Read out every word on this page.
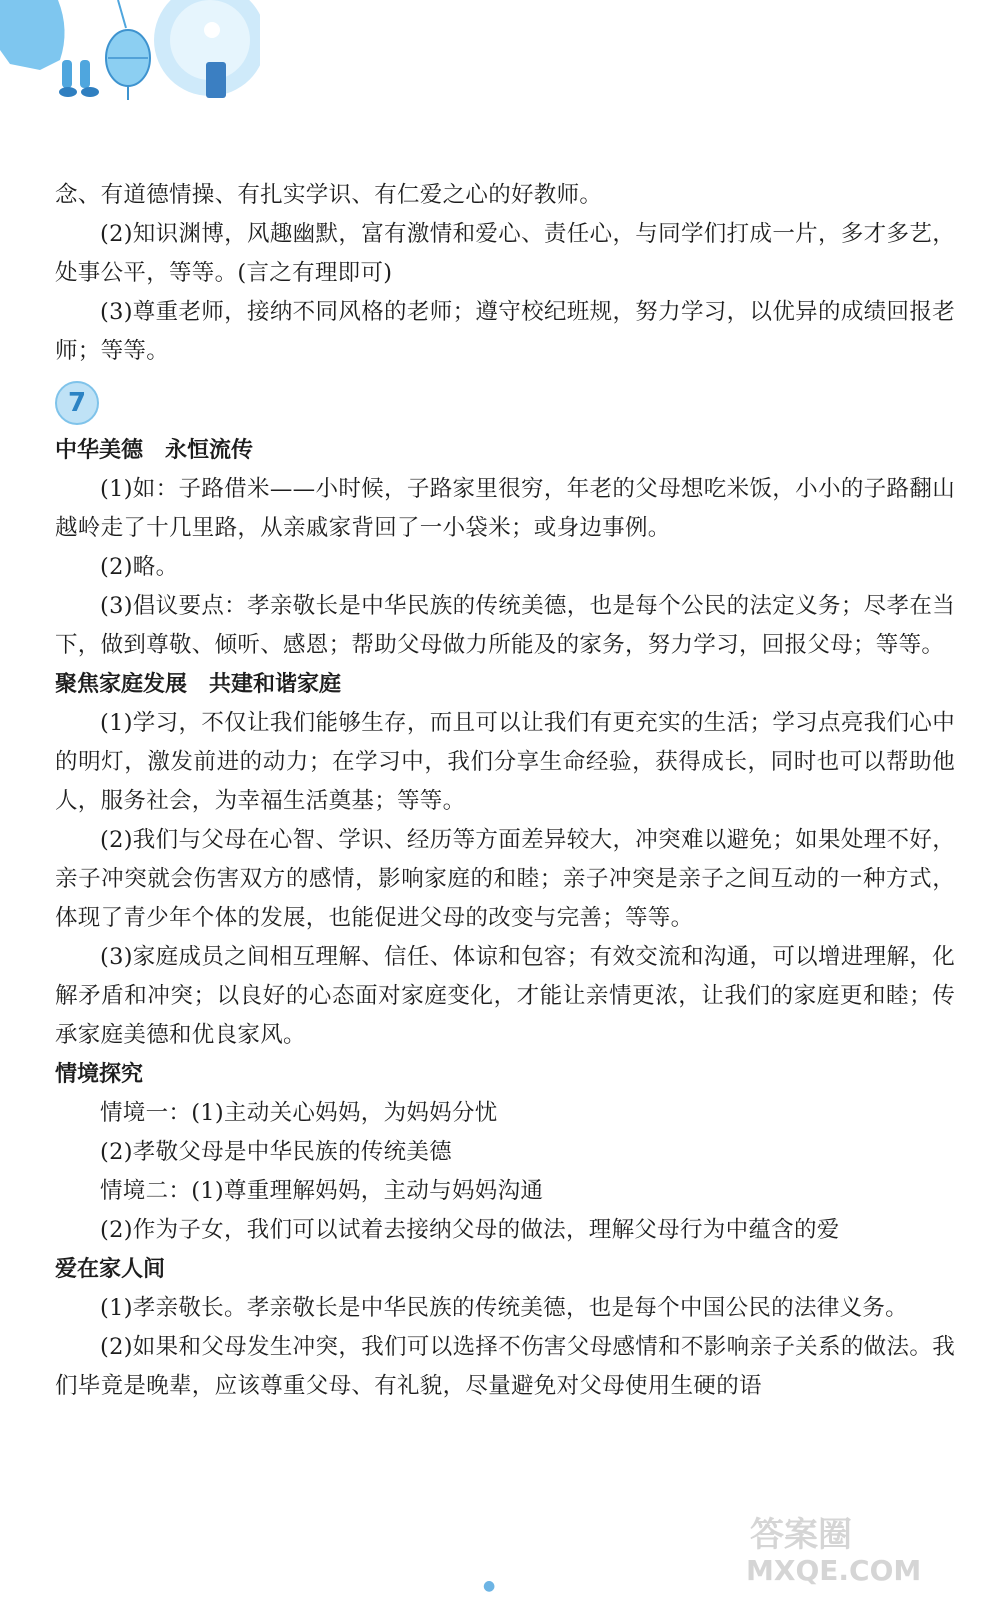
念、有道德情操、有扎实学识、有仁爱之心的好教师。

(2)知识渊博，风趣幽默，富有激情和爱心、责任心，与同学们打成一片，多才多艺，处事公平，等等。(言之有理即可)

(3)尊重老师，接纳不同风格的老师；遵守校纪班规，努力学习，以优异的成绩回报老师；等等。

7
中华美德　永恒流传

(1)如：子路借米——小时候，子路家里很穷，年老的父母想吃米饭，小小的子路翻山越岭走了十几里路，从亲戚家背回了一小袋米；或身边事例。

(2)略。

(3)倡议要点：孝亲敬长是中华民族的传统美德，也是每个公民的法定义务；尽孝在当下，做到尊敬、倾听、感恩；帮助父母做力所能及的家务，努力学习，回报父母；等等。

聚焦家庭发展　共建和谐家庭

(1)学习，不仅让我们能够生存，而且可以让我们有更充实的生活；学习点亮我们心中的明灯，激发前进的动力；在学习中，我们分享生命经验，获得成长，同时也可以帮助他人，服务社会，为幸福生活奠基；等等。

(2)我们与父母在心智、学识、经历等方面差异较大，冲突难以避免；如果处理不好，亲子冲突就会伤害双方的感情，影响家庭的和睦；亲子冲突是亲子之间互动的一种方式，体现了青少年个体的发展，也能促进父母的改变与完善；等等。

(3)家庭成员之间相互理解、信任、体谅和包容；有效交流和沟通，可以增进理解，化解矛盾和冲突；以良好的心态面对家庭变化，才能让亲情更浓，让我们的家庭更和睦；传承家庭美德和优良家风。

情境探究

情境一：(1)主动关心妈妈，为妈妈分忧

(2)孝敬父母是中华民族的传统美德

情境二：(1)尊重理解妈妈，主动与妈妈沟通

(2)作为子女，我们可以试着去接纳父母的做法，理解父母行为中蕴含的爱

爱在家人间

(1)孝亲敬长。孝亲敬长是中华民族的传统美德，也是每个中国公民的法律义务。

(2)如果和父母发生冲突，我们可以选择不伤害父母感情和不影响亲子关系的做法。我们毕竟是晚辈，应该尊重父母、有礼貌，尽量避免对父母使用生硬的语

答案圈
MXQE.COM
●
